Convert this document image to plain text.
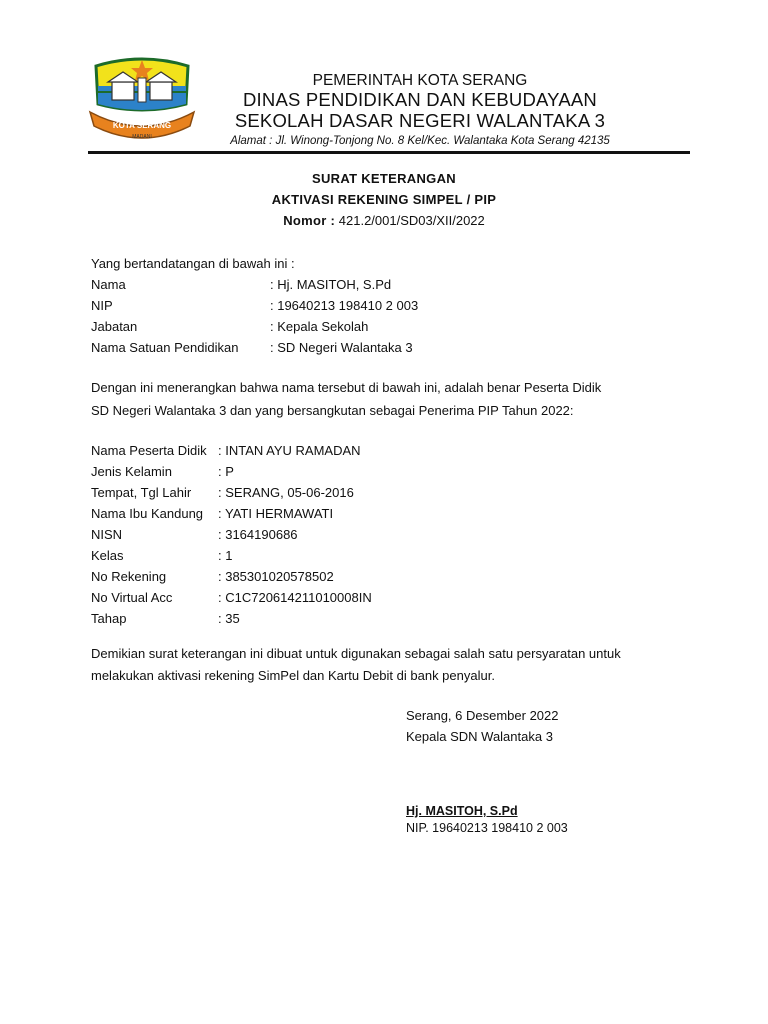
KOTA SERANG
MADANI
PEMERINTAH KOTA SERANG
DINAS PENDIDIKAN DAN KEBUDAYAAN
SEKOLAH DASAR NEGERI WALANTAKA 3
Alamat : Jl. Winong-Tonjong No. 8 Kel/Kec. Walantaka Kota Serang 42135
SURAT KETERANGAN
AKTIVASI REKENING SIMPEL / PIP
Nomor : 421.2/001/SD03/XII/2022
Yang bertandatangan di bawah ini :
Nama	: Hj. MASITOH, S.Pd
NIP	: 19640213 198410 2 003
Jabatan	: Kepala Sekolah
Nama Satuan Pendidikan : SD Negeri Walantaka 3
Dengan ini menerangkan bahwa nama tersebut di bawah ini, adalah benar Peserta Didik
SD Negeri Walantaka 3 dan yang bersangkutan sebagai Penerima PIP Tahun 2022:
Nama Peserta Didik : INTAN AYU RAMADAN
Jenis Kelamin	: P
Tempat, Tgl Lahir : SERANG, 05-06-2016
Nama Ibu Kandung : YATI HERMAWATI
NISN	: 3164190686
Kelas	: 1
No Rekening	: 385301020578502
No Virtual Acc	: C1C720614211010008IN
Tahap	: 35
Demikian surat keterangan ini dibuat untuk digunakan sebagai salah satu persyaratan untuk
melakukan aktivasi rekening SimPel dan Kartu Debit di bank penyalur.
Serang, 6 Desember 2022
Kepala SDN Walantaka 3
Hj. MASITOH, S.Pd
NIP. 19640213 198410 2 003
